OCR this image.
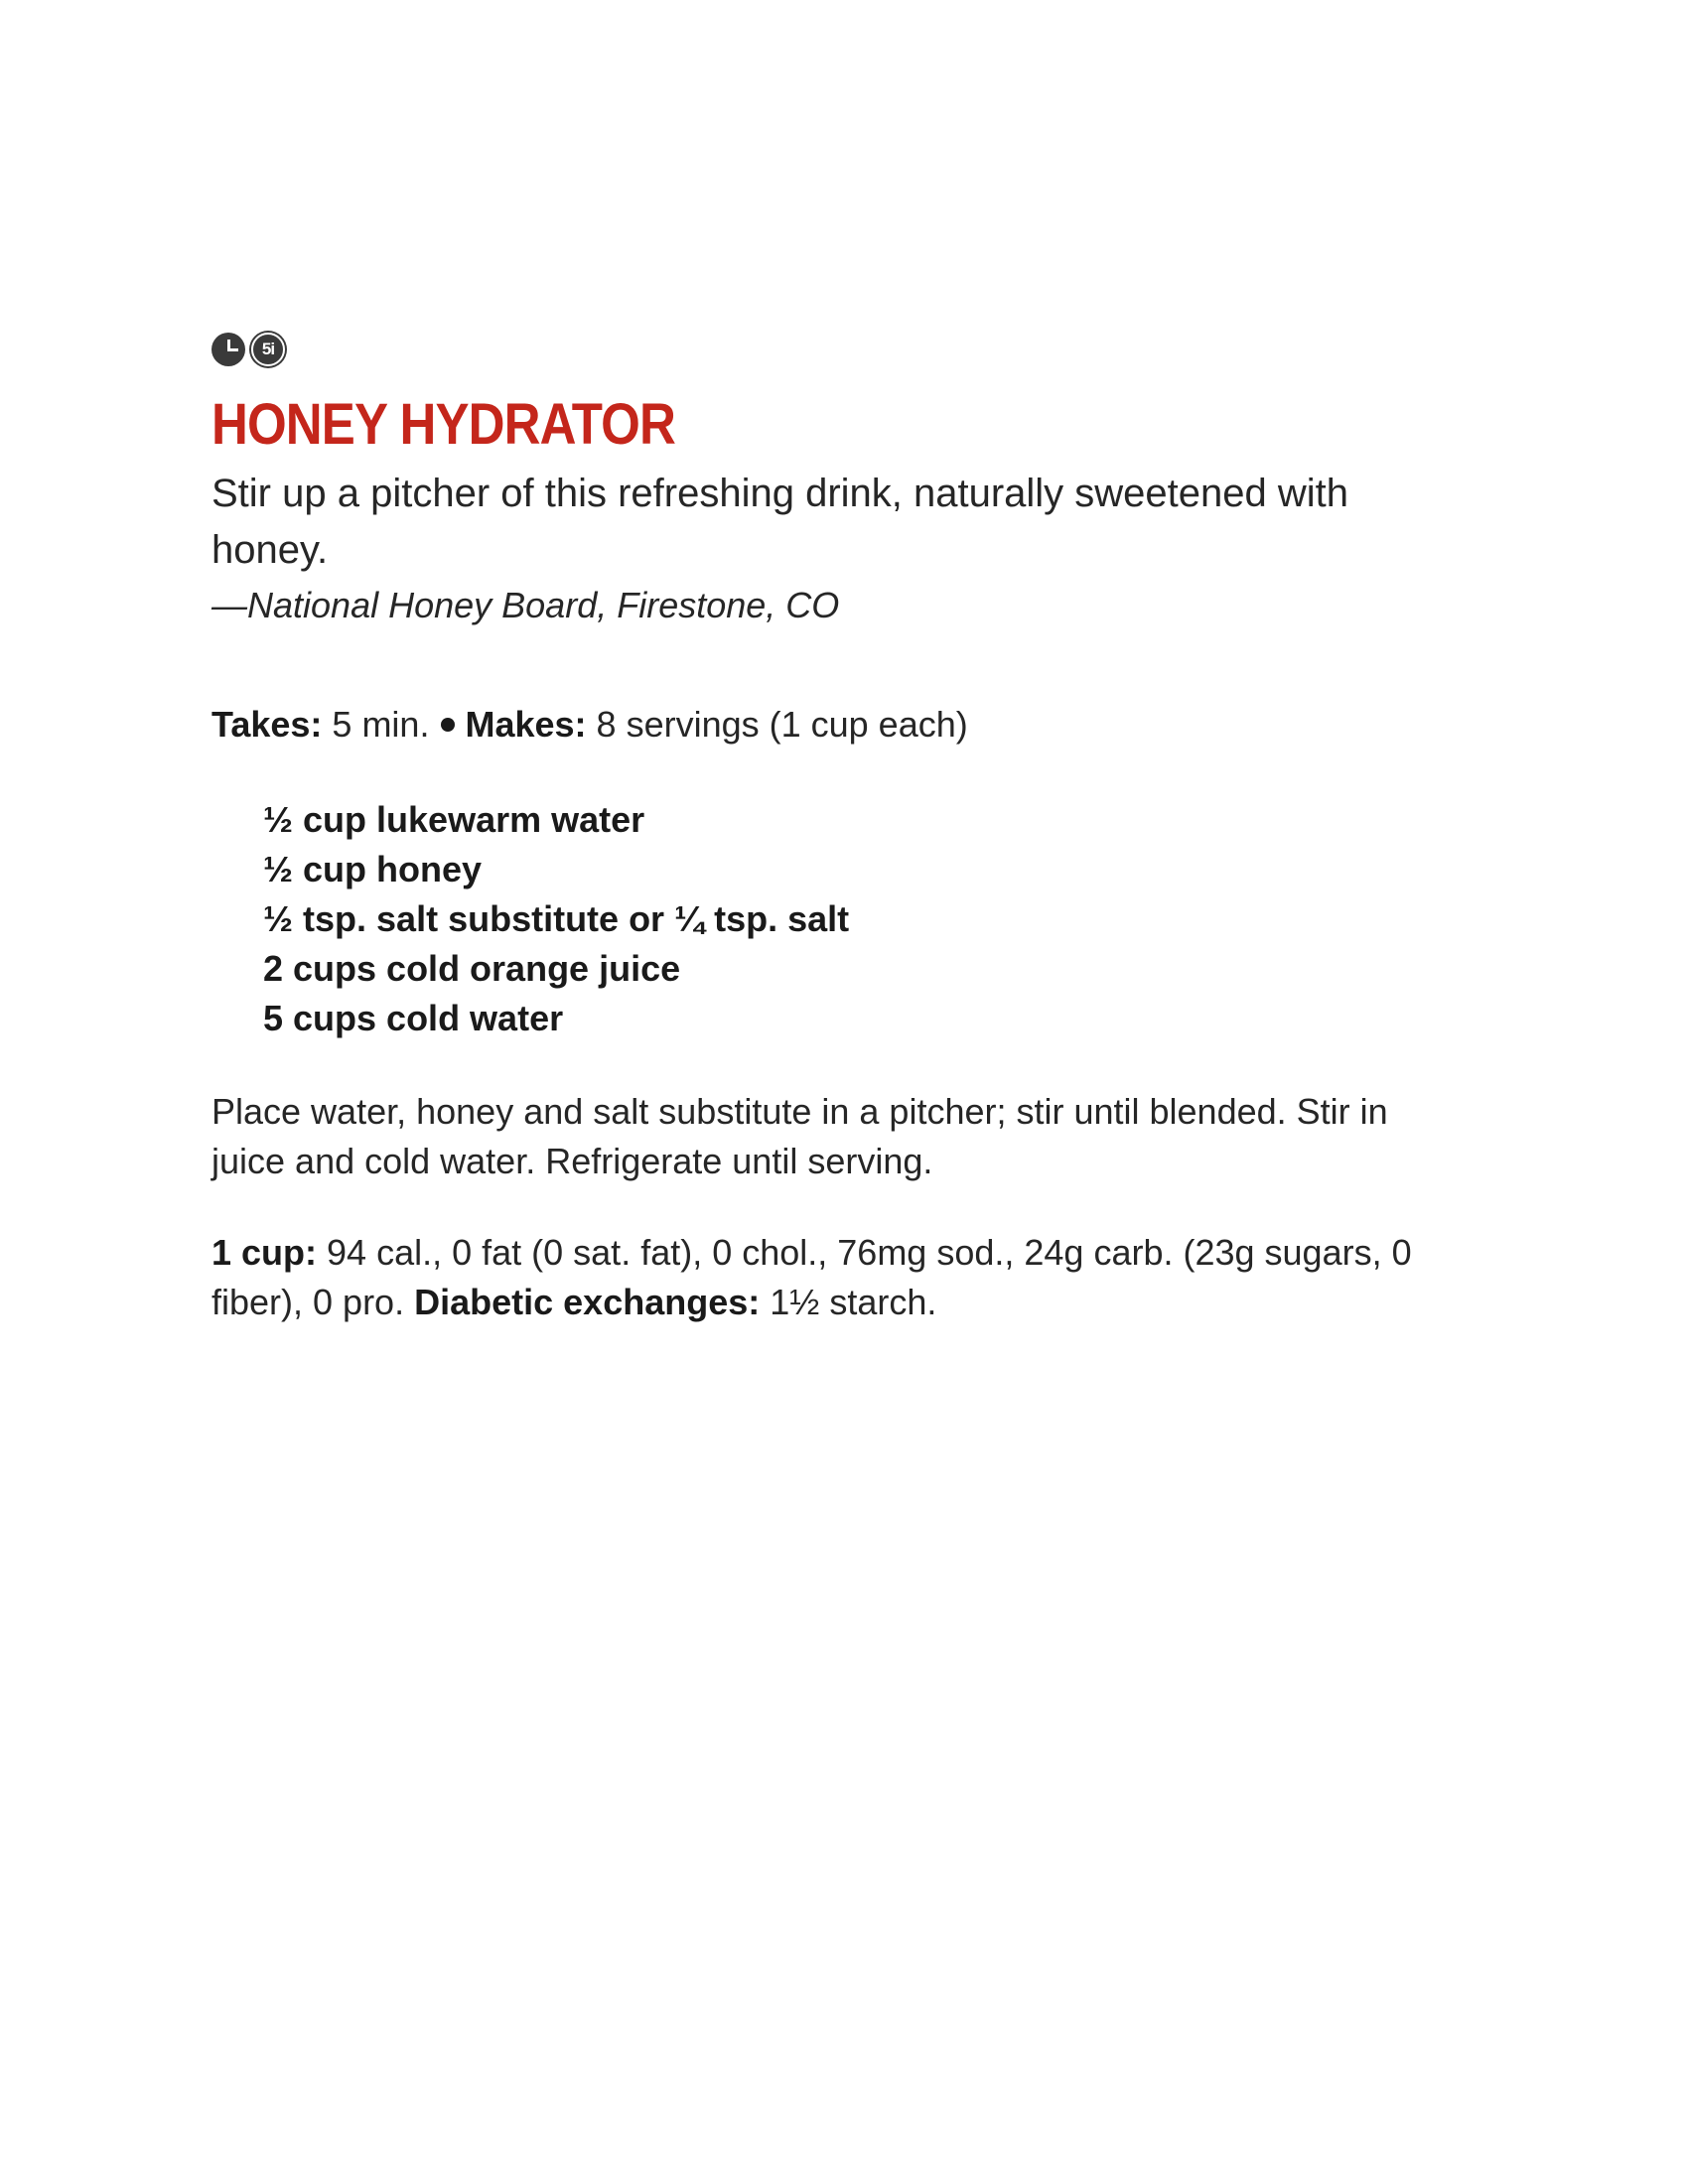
5i
HONEY HYDRATOR

Stir up a pitcher of this refreshing drink, naturally sweetened with honey.

—National Honey Board, Firestone, CO

Takes: 5 min. Makes: 8 servings (1 cup each)

½ cup lukewarm water
½ cup honey
½ tsp. salt substitute or ¼ tsp. salt
2 cups cold orange juice
5 cups cold water

Place water, honey and salt substitute in a pitcher; stir until blended. Stir in juice and cold water. Refrigerate until serving.

1 cup: 94 cal., 0 fat (0 sat. fat), 0 chol., 76mg sod., 24g carb. (23g sugars, 0 fiber), 0 pro. Diabetic exchanges: 1½ starch.
